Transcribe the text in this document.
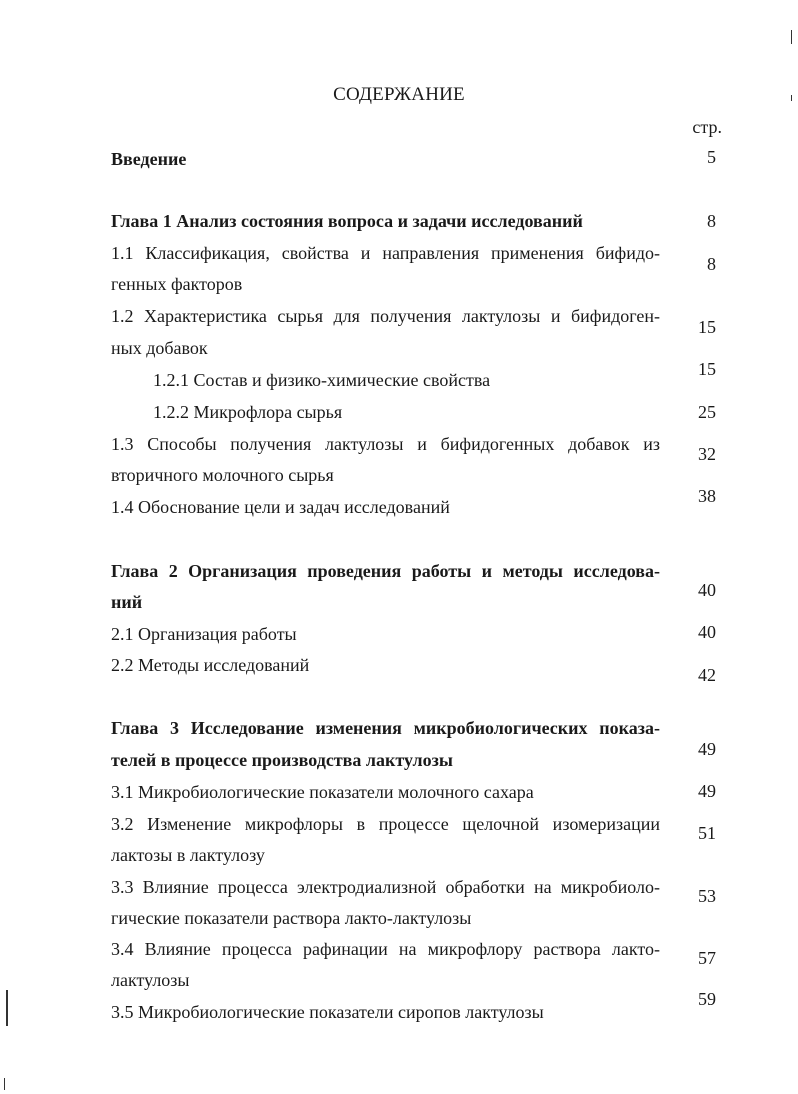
СОДЕРЖАНИЕ
стр.
Введение	5
Глава 1 Анализ состояния вопроса и задачи исследований	8
1.1 Классификация, свойства и направления применения бифидо-
генных факторов
8
1.2 Характеристика сырья для получения лактулозы и бифидоген-
ных добавок
15
1.2.1 Состав и физико-химические свойства
15
1.2.2 Микрофлора сырья	25
1.3 Способы получения лактулозы и бифидогенных добавок из
вторичного молочного сырья
32
1.4 Обоснование цели и задач исследований
38
Глава 2 Организация проведения работы и методы исследова-
ний
40
2.1 Организация работы	40
2.2 Методы исследований	42
Глава 3 Исследование изменения микробиологических показа-
телей в процессе производства лактулозы
49
3.1 Микробиологические показатели молочного сахара	49
3.2 Изменение микрофлоры в процессе щелочной изомеризации
лактозы в лактулозу
51
3.3 Влияние процесса электродиализной обработки на микробиоло-
гические показатели раствора лакто-лактулозы
53
3.4 Влияние процесса рафинации на микрофлору раствора лакто-
лактулозы
57
3.5 Микробиологические показатели сиропов лактулозы
59
